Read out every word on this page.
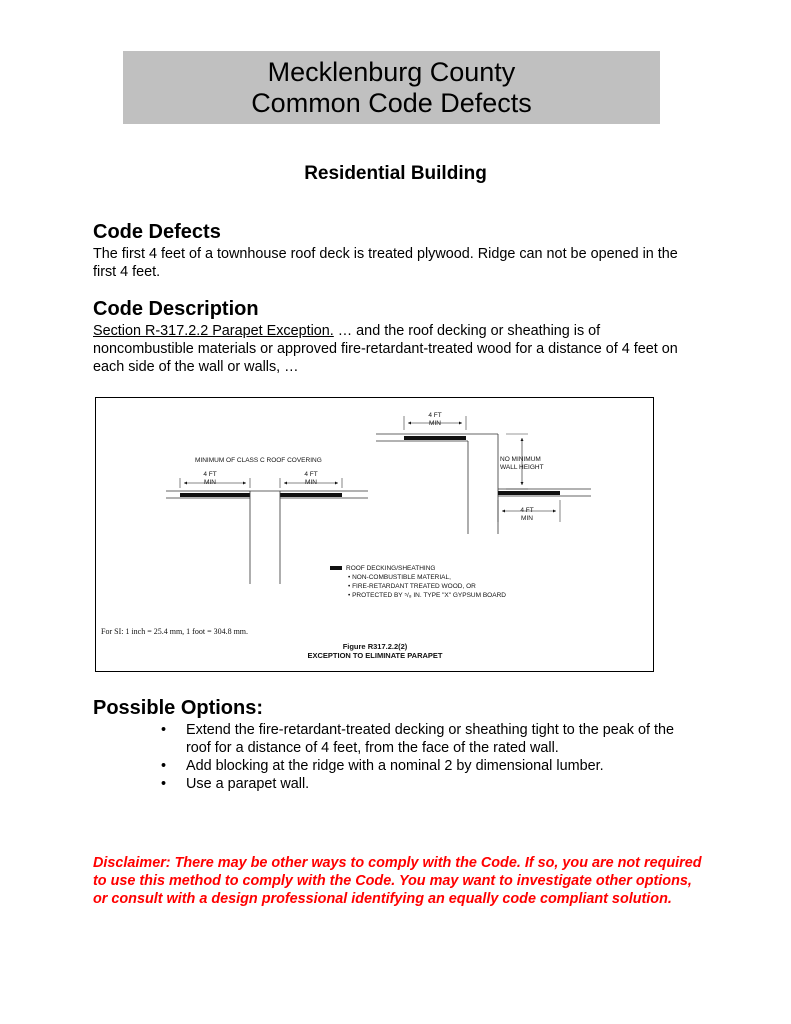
Mecklenburg County
Common Code Defects
Residential Building
Code Defects
The first 4 feet of a townhouse roof deck is treated plywood. Ridge can not be opened in the first 4 feet.
Code Description
Section R-317.2.2 Parapet Exception. … and the roof decking or sheathing is of noncombustible materials or approved fire-retardant-treated wood for a distance of 4 feet on each side of the wall or walls, …
MINIMUM OF CLASS C ROOF COVERING
4 FT
MIN
4 FT
MIN
4 FT
MIN
NO MINIMUM
WALL HEIGHT
4 FT
MIN
ROOF DECKING/SHEATHING
• NON-COMBUSTIBLE MATERIAL,
• FIRE-RETARDANT TREATED WOOD, OR
• PROTECTED BY ⁵/₈ IN. TYPE "X" GYPSUM BOARD
For SI: 1 inch = 25.4 mm, 1 foot = 304.8 mm.
Figure R317.2.2(2)
EXCEPTION TO ELIMINATE PARAPET
Possible Options:
• Extend the fire-retardant-treated decking or sheathing tight to the peak of the roof for a distance of 4 feet, from the face of the rated wall.
• Add blocking at the ridge with a nominal 2 by dimensional lumber.
• Use a parapet wall.
Disclaimer: There may be other ways to comply with the Code. If so, you are not required to use this method to comply with the Code. You may want to investigate other options, or consult with a design professional identifying an equally code compliant solution.
